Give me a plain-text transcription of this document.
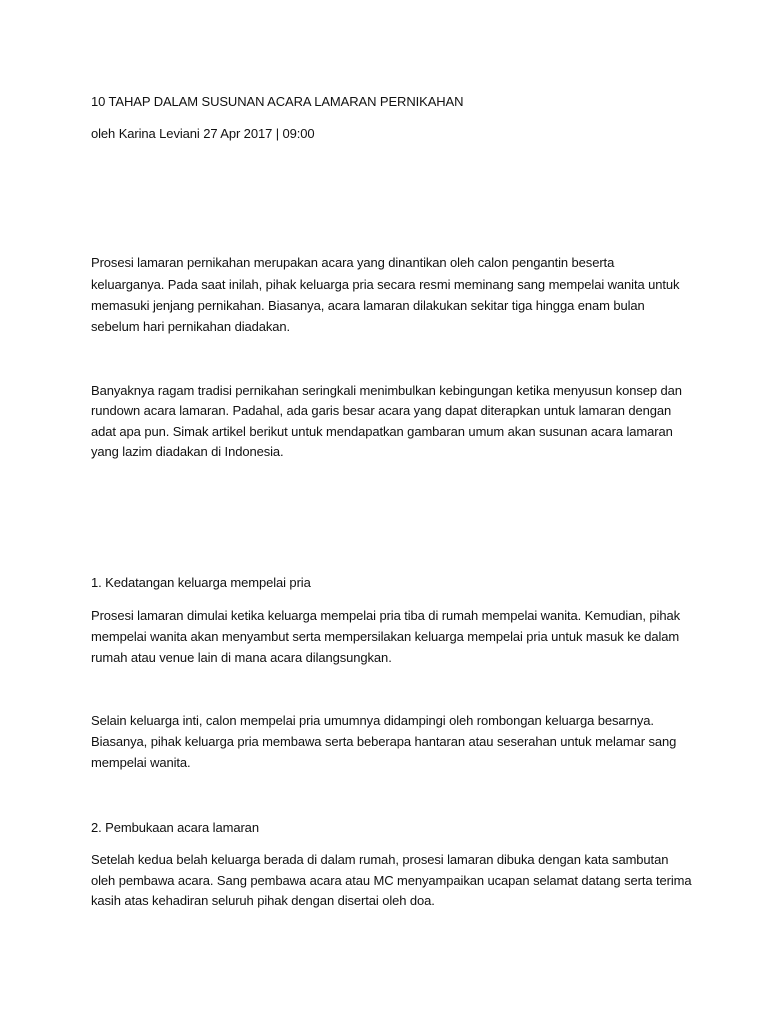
10 TAHAP DALAM SUSUNAN ACARA LAMARAN PERNIKAHAN
oleh Karina Leviani 27 Apr 2017 | 09:00
Prosesi lamaran pernikahan merupakan acara yang dinantikan oleh calon pengantin beserta
keluarganya. Pada saat inilah, pihak keluarga pria secara resmi meminang sang mempelai wanita untuk
memasuki jenjang pernikahan. Biasanya, acara lamaran dilakukan sekitar tiga hingga enam bulan
sebelum hari pernikahan diadakan.
Banyaknya ragam tradisi pernikahan seringkali menimbulkan kebingungan ketika menyusun konsep dan
rundown acara lamaran. Padahal, ada garis besar acara yang dapat diterapkan untuk lamaran dengan
adat apa pun. Simak artikel berikut untuk mendapatkan gambaran umum akan susunan acara lamaran
yang lazim diadakan di Indonesia.
1. Kedatangan keluarga mempelai pria
Prosesi lamaran dimulai ketika keluarga mempelai pria tiba di rumah mempelai wanita. Kemudian, pihak
mempelai wanita akan menyambut serta mempersilakan keluarga mempelai pria untuk masuk ke dalam
rumah atau venue lain di mana acara dilangsungkan.
Selain keluarga inti, calon mempelai pria umumnya didampingi oleh rombongan keluarga besarnya.
Biasanya, pihak keluarga pria membawa serta beberapa hantaran atau seserahan untuk melamar sang
mempelai wanita.
2. Pembukaan acara lamaran
Setelah kedua belah keluarga berada di dalam rumah, prosesi lamaran dibuka dengan kata sambutan
oleh pembawa acara. Sang pembawa acara atau MC menyampaikan ucapan selamat datang serta terima
kasih atas kehadiran seluruh pihak dengan disertai oleh doa.
